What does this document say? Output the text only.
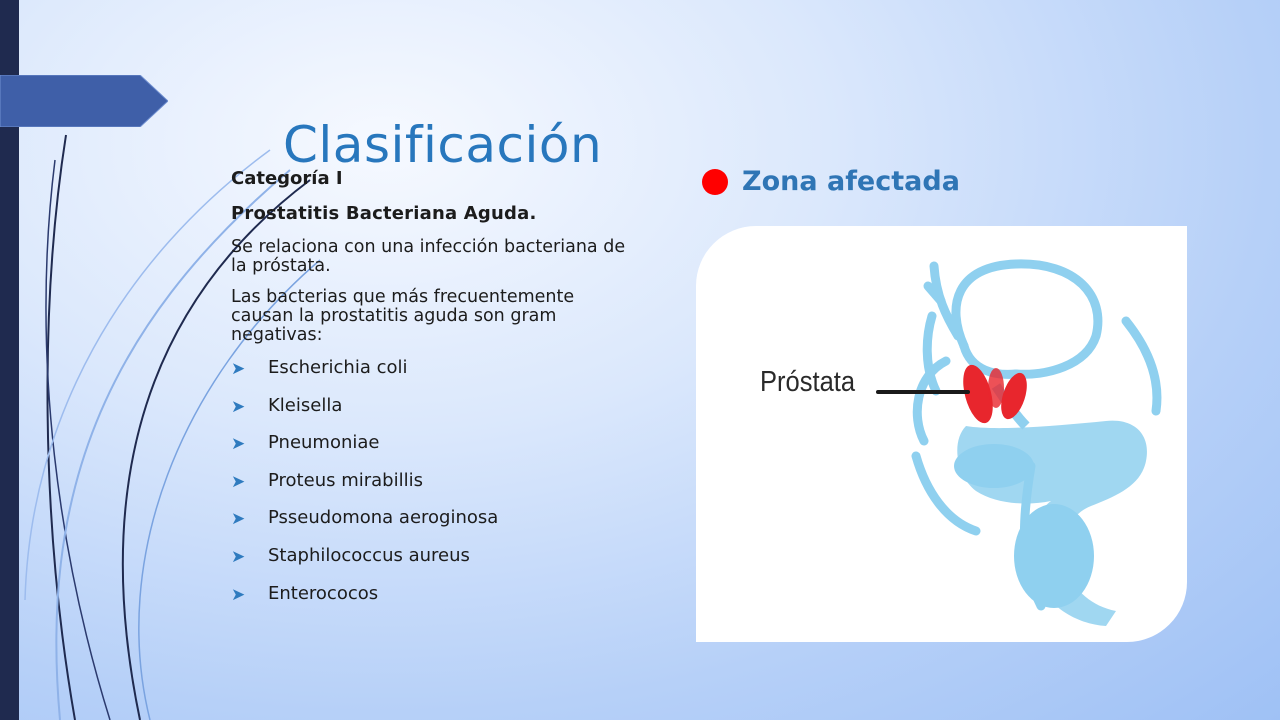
Clasificación

Categoría I

Prostatitis Bacteriana Aguda.

Se relaciona con una infección bacteriana de la próstata.

Las bacterias que más frecuentemente causan la prostatitis aguda son gram negativas:

➤ Escherichia coli
➤ Kleisella
➤ Pneumoniae
➤ Proteus mirabillis
➤ Psseudomona aeroginosa
➤ Staphilococcus aureus
➤ Enterococos
Zona afectada
Próstata
